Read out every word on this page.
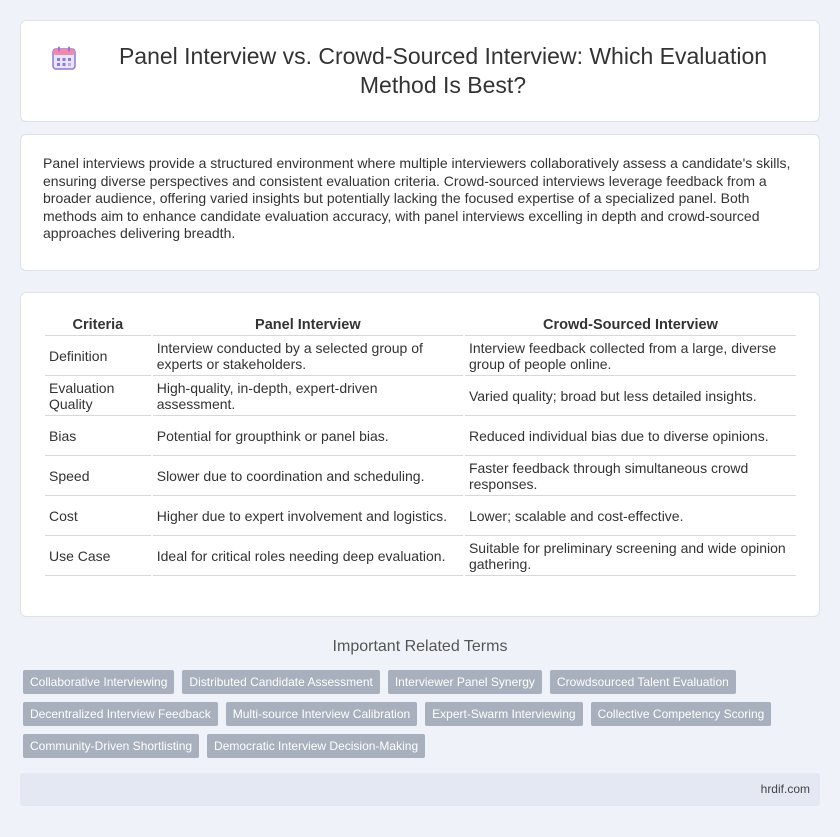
Panel Interview vs. Crowd-Sourced Interview: Which Evaluation Method Is Best?

Panel interviews provide a structured environment where multiple interviewers collaboratively assess a candidate's skills, ensuring diverse perspectives and consistent evaluation criteria. Crowd-sourced interviews leverage feedback from a broader audience, offering varied insights but potentially lacking the focused expertise of a specialized panel. Both methods aim to enhance candidate evaluation accuracy, with panel interviews excelling in depth and crowd-sourced approaches delivering breadth.

Criteria	Panel Interview	Crowd-Sourced Interview
Definition	Interview conducted by a selected group of experts or stakeholders.	Interview feedback collected from a large, diverse group of people online.
Evaluation Quality	High-quality, in-depth, expert-driven assessment.	Varied quality; broad but less detailed insights.
Bias	Potential for groupthink or panel bias.	Reduced individual bias due to diverse opinions.
Speed	Slower due to coordination and scheduling.	Faster feedback through simultaneous crowd responses.
Cost	Higher due to expert involvement and logistics.	Lower; scalable and cost-effective.
Use Case	Ideal for critical roles needing deep evaluation.	Suitable for preliminary screening and wide opinion gathering.
Important Related Terms
Collaborative Interviewing	Distributed Candidate Assessment	Interviewer Panel Synergy	Crowdsourced Talent Evaluation
Decentralized Interview Feedback	Multi-source Interview Calibration	Expert-Swarm Interviewing	Collective Competency Scoring
Community-Driven Shortlisting	Democratic Interview Decision-Making
hrdif.com
